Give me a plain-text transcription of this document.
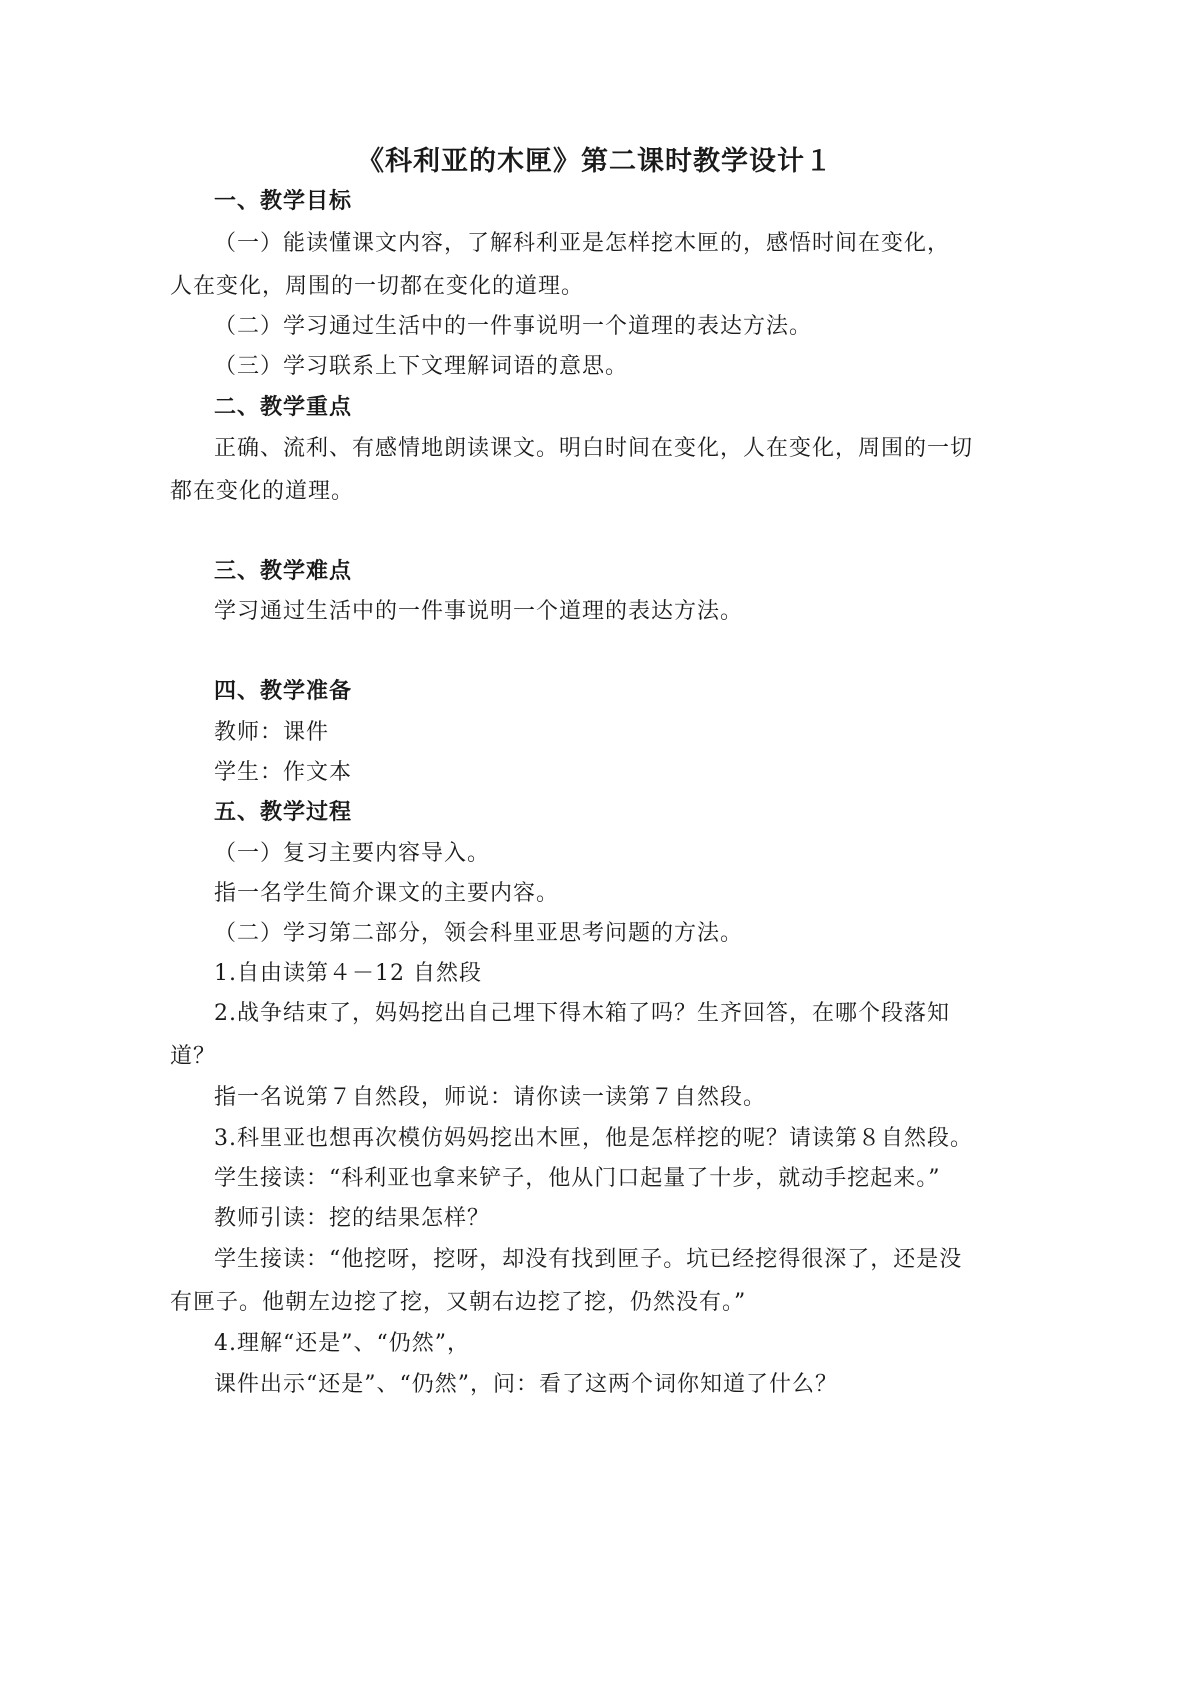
《科利亚的木匣》第二课时教学设计１
一、教学目标
（一）能读懂课文内容，了解科利亚是怎样挖木匣的，感悟时间在变化，
人在变化，周围的一切都在变化的道理。
（二）学习通过生活中的一件事说明一个道理的表达方法。
（三）学习联系上下文理解词语的意思。
二、教学重点
正确、流利、有感情地朗读课文。明白时间在变化，人在变化，周围的一切
都在变化的道理。
三、教学难点
学习通过生活中的一件事说明一个道理的表达方法。
四、教学准备
教师：课件
学生：作文本
五、教学过程
（一）复习主要内容导入。
指一名学生简介课文的主要内容。
（二）学习第二部分，领会科里亚思考问题的方法。
1.自由读第４－12 自然段
2.战争结束了，妈妈挖出自己埋下得木箱了吗？生齐回答，在哪个段落知
道？
指一名说第７自然段，师说：请你读一读第７自然段。
3.科里亚也想再次模仿妈妈挖出木匣，他是怎样挖的呢？请读第８自然段。
学生接读：“科利亚也拿来铲子，他从门口起量了十步，就动手挖起来。”
教师引读：挖的结果怎样？
学生接读：“他挖呀，挖呀，却没有找到匣子。坑已经挖得很深了，还是没
有匣子。他朝左边挖了挖，又朝右边挖了挖，仍然没有。”
4.理解“还是”、“仍然”，
课件出示“还是”、“仍然”，问：看了这两个词你知道了什么？
